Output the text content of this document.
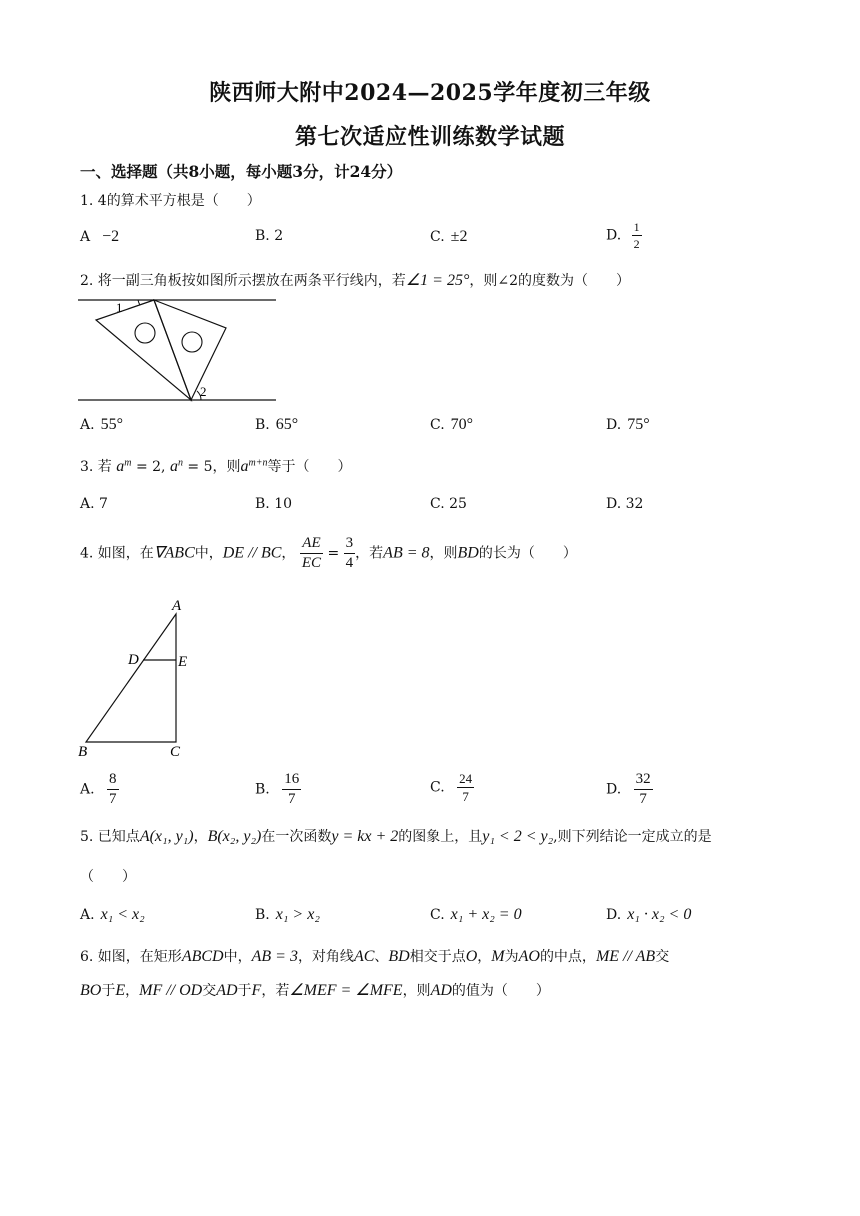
陕西师大附中2024—2025学年度初三年级
第七次适应性训练数学试题
一、选择题（共8小题，每小题3分，计24分）
1. 4的算术平方根是（　　）
A −2	B. 2	C. ±2	D. $\frac{1}{2}$
2. 将一副三角板按如图所示摆放在两条平行线内，若∠1 = 25°，则∠2的度数为（　　）
1
2
A. 55°	B. 65°	C. 70°	D. 75°
3. 若 $a^m = 2$, $a^n = 5$，则$a^{m+n}$等于（　　）
A. 7	B. 10	C. 25	D. 32
4. 如图，在∇ABC中，DE // BC， $\frac{AE}{EC} = \frac{3}{4}$ ，若AB = 8，则BD的长为（　　）
A
D	E
B	C
A. $\frac{8}{7}$	B. $\frac{16}{7}$	C. $\frac{24}{7}$	D. $\frac{32}{7}$
5. 已知点A(x₁, y₁)，B(x₂, y₂)在一次函数y = kx + 2的图象上，且y₁ < 2 < y₂,则下列结论一定成立的是
（　　）
A. x₁ < x₂	B. x₁ > x₂	C. x₁ + x₂ = 0	D. x₁ · x₂ < 0
6. 如图，在矩形ABCD中，AB = 3，对角线AC、BD相交于点O，M为AO的中点，ME // AB交
BO于E，MF // OD交AD于F，若∠MEF = ∠MFE，则AD的值为（　　）
